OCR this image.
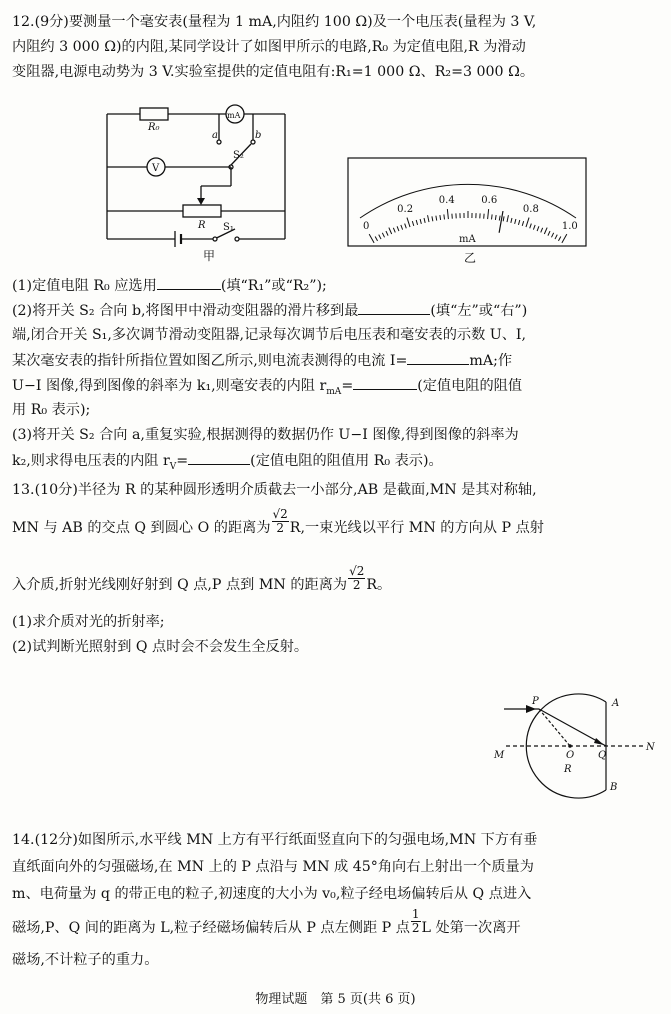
12.(9分)要测量一个毫安表(量程为 1 mA,内阻约 100 Ω)及一个电压表(量程为 3 V,
内阻约 3 000 Ω)的内阻,某同学设计了如图甲所示的电路,R₀ 为定值电阻,R 为滑动
变阻器,电源电动势为 3 V.实验室提供的定值电阻有:R₁=1 000 Ω、R₂=3 000 Ω。
R₀
mA
V
a	b
S₂
R S₁
甲
0
0.2
0.4	0.6
0.8
1.0
mA
乙
(1)定值电阻 R₀ 应选用	(填“R₁”或“R₂”);
(2)将开关 S₂ 合向 b,将图甲中滑动变阻器的滑片移到最	(填“左”或“右”)
端,闭合开关 S₁,多次调节滑动变阻器,记录每次调节后电压表和毫安表的示数 U、I,
某次毫安表的指针所指位置如图乙所示,则电流表测得的电流 I=	mA;作
U−I 图像,得到图像的斜率为 k₁,则毫安表的内阻 $r_{mA}=$	(定值电阻的阻值
用 R₀ 表示);
(3)将开关 S₂ 合向 a,重复实验,根据测得的数据仍作 U−I 图像,得到图像的斜率为
k₂,则求得电压表的内阻 $r_V=$	(定值电阻的阻值用 R₀ 表示)。
13.(10分)半径为 R 的某种圆形透明介质截去一小部分,AB 是截面,MN 是其对称轴,
MN 与 AB 的交点 Q 到圆心 O 的距离为 $\frac{√2}{2} R$,一束光线以平行 MN 的方向从 P 点射
入介质,折射光线刚好射到 Q 点,P 点到 MN 的距离为 $\frac{√2}{2}$ R。
(1)求介质对光的折射率;
(2)试判断光照射到 Q 点时会不会发生全反射。
P	A
M	O Q
N
R
B
14.(12分)如图所示,水平线 MN 上方有平行纸面竖直向下的匀强电场,MN 下方有垂
直纸面向外的匀强磁场,在 MN 上的 P 点沿与 MN 成 45°角向右上射出一个质量为
m、电荷量为 q 的带正电的粒子,初速度的大小为 v₀,粒子经电场偏转后从 Q 点进入
磁场,P、Q 间的距离为 L,粒子经磁场偏转后从 P 点左侧距 P 点 $\frac{1}{2}$ L 处第一次离开
磁场,不计粒子的重力。
物理试题　第 5 页(共 6 页)
